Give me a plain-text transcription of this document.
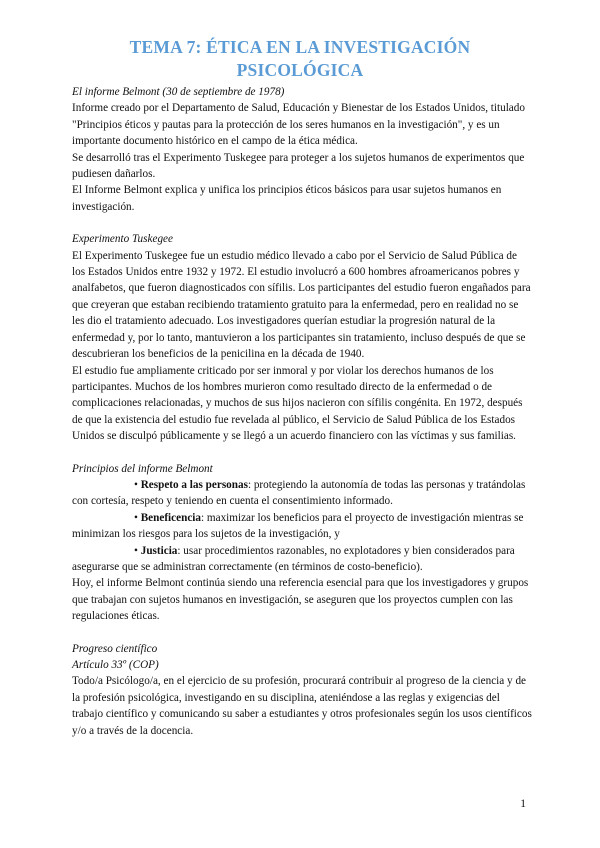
TEMA 7: ÉTICA EN LA INVESTIGACIÓN PSICOLÓGICA

El informe Belmont (30 de septiembre de 1978)

Informe creado por el Departamento de Salud, Educación y Bienestar de los Estados Unidos, titulado "Principios éticos y pautas para la protección de los seres humanos en la investigación", y es un importante documento histórico en el campo de la ética médica.

Se desarrolló tras el Experimento Tuskegee para proteger a los sujetos humanos de experimentos que pudiesen dañarlos.

El Informe Belmont explica y unifica los principios éticos básicos para usar sujetos humanos en investigación.

Experimento Tuskegee

El Experimento Tuskegee fue un estudio médico llevado a cabo por el Servicio de Salud Pública de los Estados Unidos entre 1932 y 1972. El estudio involucró a 600 hombres afroamericanos pobres y analfabetos, que fueron diagnosticados con sífilis. Los participantes del estudio fueron engañados para que creyeran que estaban recibiendo tratamiento gratuito para la enfermedad, pero en realidad no se les dio el tratamiento adecuado. Los investigadores querían estudiar la progresión natural de la enfermedad y, por lo tanto, mantuvieron a los participantes sin tratamiento, incluso después de que se descubrieran los beneficios de la penicilina en la década de 1940.

El estudio fue ampliamente criticado por ser inmoral y por violar los derechos humanos de los participantes. Muchos de los hombres murieron como resultado directo de la enfermedad o de complicaciones relacionadas, y muchos de sus hijos nacieron con sífilis congénita. En 1972, después de que la existencia del estudio fue revelada al público, el Servicio de Salud Pública de los Estados Unidos se disculpó públicamente y se llegó a un acuerdo financiero con las víctimas y sus familias.

Principios del informe Belmont

• Respeto a las personas: protegiendo la autonomía de todas las personas y tratándolas con cortesía, respeto y teniendo en cuenta el consentimiento informado.

• Beneficencia: maximizar los beneficios para el proyecto de investigación mientras se minimizan los riesgos para los sujetos de la investigación, y

• Justicia: usar procedimientos razonables, no explotadores y bien considerados para asegurarse que se administran correctamente (en términos de costo-beneficio).

Hoy, el informe Belmont continúa siendo una referencia esencial para que los investigadores y grupos que trabajan con sujetos humanos en investigación, se aseguren que los proyectos cumplen con las regulaciones éticas.

Progreso científico

Artículo 33º (COP)

Todo/a Psicólogo/a, en el ejercicio de su profesión, procurará contribuir al progreso de la ciencia y de la profesión psicológica, investigando en su disciplina, ateniéndose a las reglas y exigencias del trabajo científico y comunicando su saber a estudiantes y otros profesionales según los usos científicos y/o a través de la docencia.

1
